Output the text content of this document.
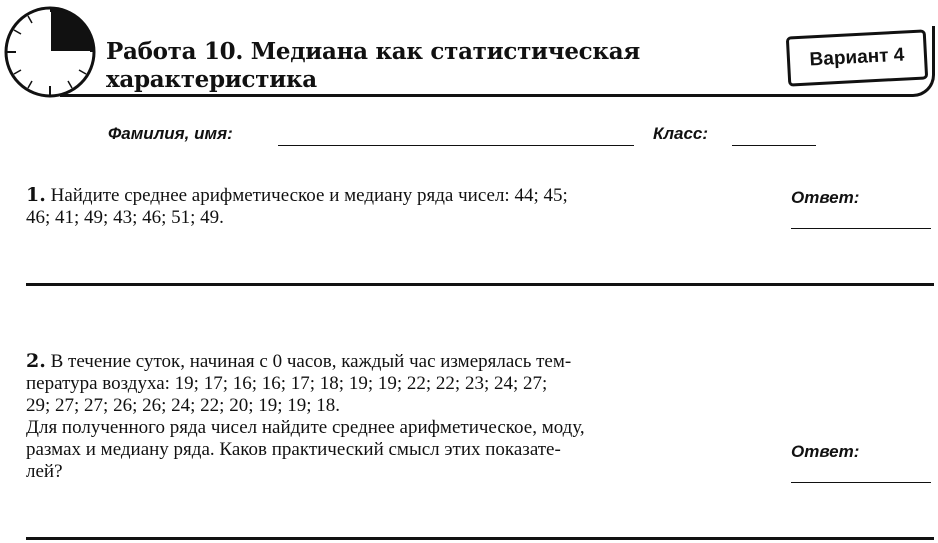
Работа 10. Медиана как статистическая
характеристика
Вариант 4
Фамилия, имя:	Класс:

1. Найдите среднее арифметическое и медиану ряда чисел: 44; 45;

46; 41; 49; 43; 46; 51; 49.

Ответ:

2. В течение суток, начиная с 0 часов, каждый час измерялась тем-

пература воздуха: 19; 17; 16; 16; 17; 18; 19; 19; 22; 22; 23; 24; 27;

29; 27; 27; 26; 26; 24; 22; 20; 19; 19; 18.

Для полученного ряда чисел найдите среднее арифметическое, моду,

размах и медиану ряда. Каков практический смысл этих показате-

лей?

Ответ:
